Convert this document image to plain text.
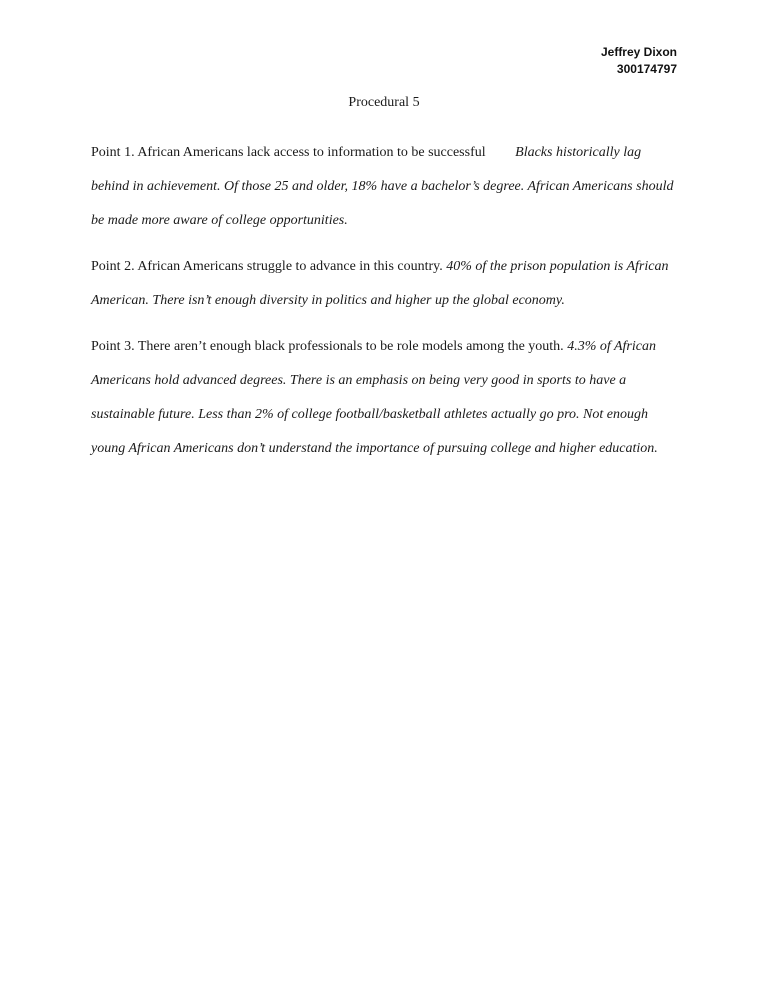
Jeffrey Dixon
300174797
Procedural 5

Point 1. African Americans lack access to information to be successful Blacks historically lag behind in achievement. Of those 25 and older, 18% have a bachelor’s degree. African Americans should be made more aware of college opportunities.

Point 2. African Americans struggle to advance in this country. 40% of the prison population is African American. There isn’t enough diversity in politics and higher up the global economy.

Point 3. There aren’t enough black professionals to be role models among the youth. 4.3% of African Americans hold advanced degrees. There is an emphasis on being very good in sports to have a sustainable future. Less than 2% of college football/basketball athletes actually go pro. Not enough young African Americans don’t understand the importance of pursuing college and higher education.
